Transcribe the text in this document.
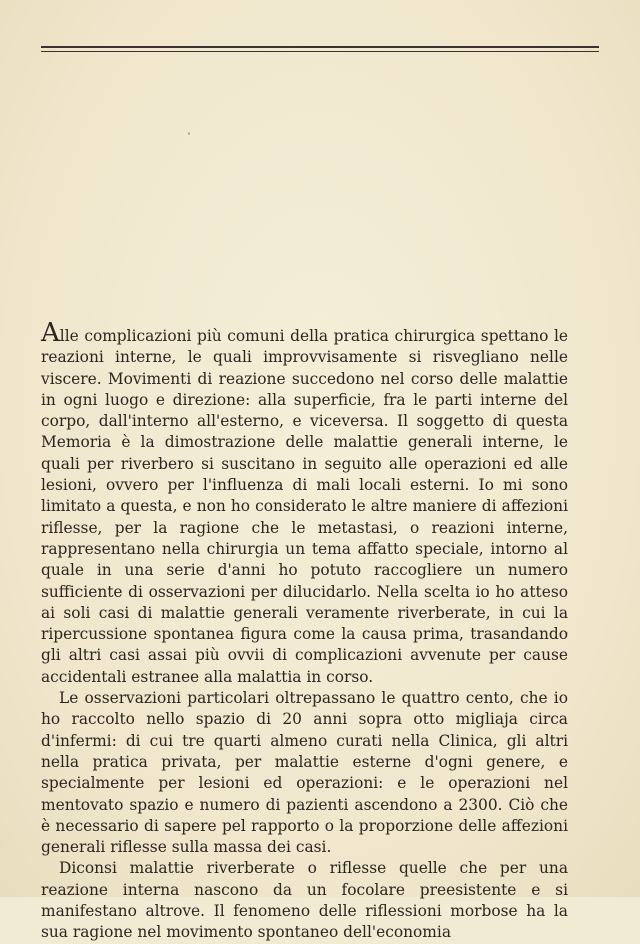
Alle complicazioni più comuni della pratica chirurgica spettano le reazioni interne, le quali improvvisamente si risvegliano nelle viscere. Movimenti di reazione succedono nel corso delle malattie in ogni luogo e direzione: alla superficie, fra le parti interne del corpo, dall'interno all'esterno, e viceversa. Il soggetto di questa Memoria è la dimostrazione delle malattie generali interne, le quali per riverbero si suscitano in seguito alle operazioni ed alle lesioni, ovvero per l'influenza di mali locali esterni. Io mi sono limitato a questa, e non ho considerato le altre maniere di affezioni riflesse, per la ragione che le metastasi, o reazioni interne, rappresentano nella chirurgia un tema affatto speciale, intorno al quale in una serie d'anni ho potuto raccogliere un numero sufficiente di osservazioni per dilucidarlo. Nella scelta io ho atteso ai soli casi di malattie generali veramente riverberate, in cui la ripercussione spontanea figura come la causa prima, trasandando gli altri casi assai più ovvii di complicazioni avvenute per cause accidentali estranee alla malattia in corso.

Le osservazioni particolari oltrepassano le quattro cento, che io ho raccolto nello spazio di 20 anni sopra otto migliaja circa d'infermi: di cui tre quarti almeno curati nella Clinica, gli altri nella pratica privata, per malattie esterne d'ogni genere, e specialmente per lesioni ed operazioni: e le operazioni nel mentovato spazio e numero di pazienti ascendono a 2300. Ciò che è necessario di sapere pel rapporto o la proporzione delle affezioni generali riflesse sulla massa dei casi.

Diconsi malattie riverberate o riflesse quelle che per una reazione interna nascono da un focolare preesistente e si manifestano altrove. Il fenomeno delle riflessioni morbose ha la sua ragione nel movimento spontaneo dell'economia
